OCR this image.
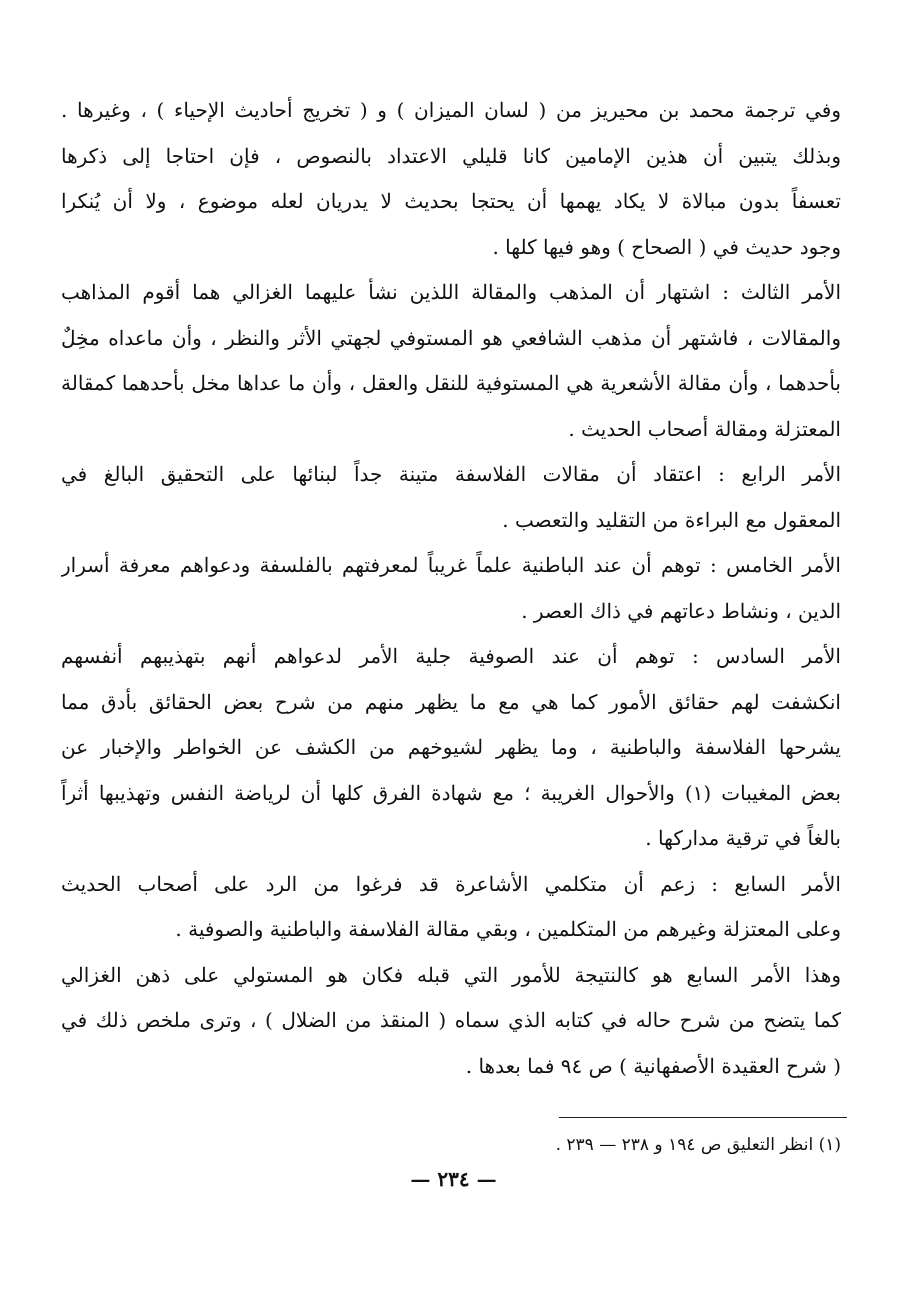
وفي ترجمة محمد بن محيريز من ( لسان الميزان ) و ( تخريج أحاديث الإحياء ) ، وغيرها .
وبذلك يتبين أن هذين الإمامين كانا قليلي الاعتداد بالنصوص ، فإن احتاجا إلى ذكرها
تعسفاً بدون مبالاة لا يكاد يهمها أن يحتجا بحديث لا يدريان لعله موضوع ، ولا أن يُنكرا
وجود حديث في ( الصحاح ) وهو فيها كلها .
الأمر الثالث : اشتهار أن المذهب والمقالة اللذين نشأ عليهما الغزالي هما أقوم المذاهب
والمقالات ، فاشتهر أن مذهب الشافعي هو المستوفي لجهتي الأثر والنظر ، وأن ماعداه مخِلٌ
بأحدهما ، وأن مقالة الأشعرية هي المستوفية للنقل والعقل ، وأن ما عداها مخل بأحدهما كمقالة
المعتزلة ومقالة أصحاب الحديث .
الأمر الرابع : اعتقاد أن مقالات الفلاسفة متينة جداً لبنائها على التحقيق البالغ في
المعقول مع البراءة من التقليد والتعصب .
الأمر الخامس : توهم أن عند الباطنية علماً غريباً لمعرفتهم بالفلسفة ودعواهم معرفة أسرار
الدين ، ونشاط دعاتهم في ذاك العصر .
الأمر السادس : توهم أن عند الصوفية جلية الأمر لدعواهم أنهم بتهذيبهم أنفسهم
انكشفت لهم حقائق الأمور كما هي مع ما يظهر منهم من شرح بعض الحقائق بأدق مما
يشرحها الفلاسفة والباطنية ، وما يظهر لشيوخهم من الكشف عن الخواطر والإخبار عن
بعض المغيبات (١) والأحوال الغريبة ؛ مع شهادة الفرق كلها أن لرياضة النفس وتهذيبها أثراً
بالغاً في ترقية مداركها .
الأمر السابع : زعم أن متكلمي الأشاعرة قد فرغوا من الرد على أصحاب الحديث
وعلى المعتزلة وغيرهم من المتكلمين ، وبقي مقالة الفلاسفة والباطنية والصوفية .
وهذا الأمر السابع هو كالنتيجة للأمور التي قبله فكان هو المستولي على ذهن الغزالي
كما يتضح من شرح حاله في كتابه الذي سماه ( المنقذ من الضلال ) ، وترى ملخص ذلك في
( شرح العقيدة الأصفهانية ) ص ٩٤ فما بعدها .
(١) انظر التعليق ص ١٩٤ و ٢٣٨ — ٢٣٩ .
— ٢٣٤ —
